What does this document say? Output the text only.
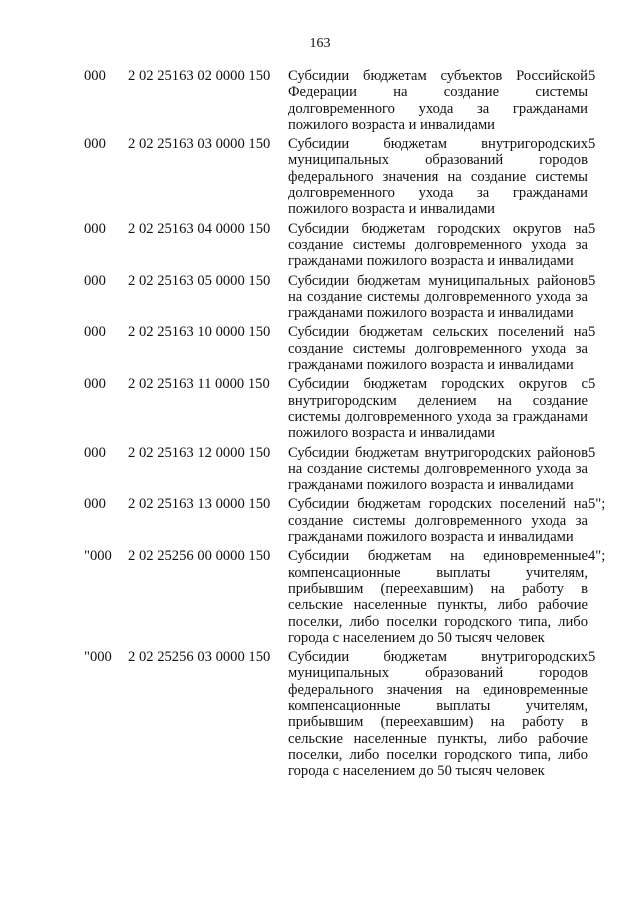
163
000	2 02 25163 02 0000 150	Субсидии бюджетам субъектов Российской Федерации на создание системы долговременного ухода за гражданами пожилого возраста и инвалидами	5
000	2 02 25163 03 0000 150	Субсидии бюджетам внутригородских муниципальных образований городов федерального значения на создание системы долговременного ухода за гражданами пожилого возраста и инвалидами	5
000	2 02 25163 04 0000 150	Субсидии бюджетам городских округов на создание системы долговременного ухода за гражданами пожилого возраста и инвалидами	5
000	2 02 25163 05 0000 150	Субсидии бюджетам муниципальных районов на создание системы долговременного ухода за гражданами пожилого возраста и инвалидами	5
000	2 02 25163 10 0000 150	Субсидии бюджетам сельских поселений на создание системы долговременного ухода за гражданами пожилого возраста и инвалидами	5
000	2 02 25163 11 0000 150	Субсидии бюджетам городских округов с внутригородским делением на создание системы долговременного ухода за гражданами пожилого возраста и инвалидами	5
000	2 02 25163 12 0000 150	Субсидии бюджетам внутригородских районов на создание системы долговременного ухода за гражданами пожилого возраста и инвалидами	5
000	2 02 25163 13 0000 150	Субсидии бюджетам городских поселений на создание системы долговременного ухода за гражданами пожилого возраста и инвалидами	5";
"000	2 02 25256 00 0000 150	Субсидии бюджетам на единовременные компенсационные выплаты учителям, прибывшим (переехавшим) на работу в сельские населенные пункты, либо рабочие поселки, либо поселки городского типа, либо города с населением до 50 тысяч человек	4";
"000	2 02 25256 03 0000 150	Субсидии бюджетам внутригородских муниципальных образований городов федерального значения на единовременные компенсационные выплаты учителям, прибывшим (переехавшим) на работу в сельские населенные пункты, либо рабочие поселки, либо поселки городского типа, либо города с населением до 50 тысяч человек	5
